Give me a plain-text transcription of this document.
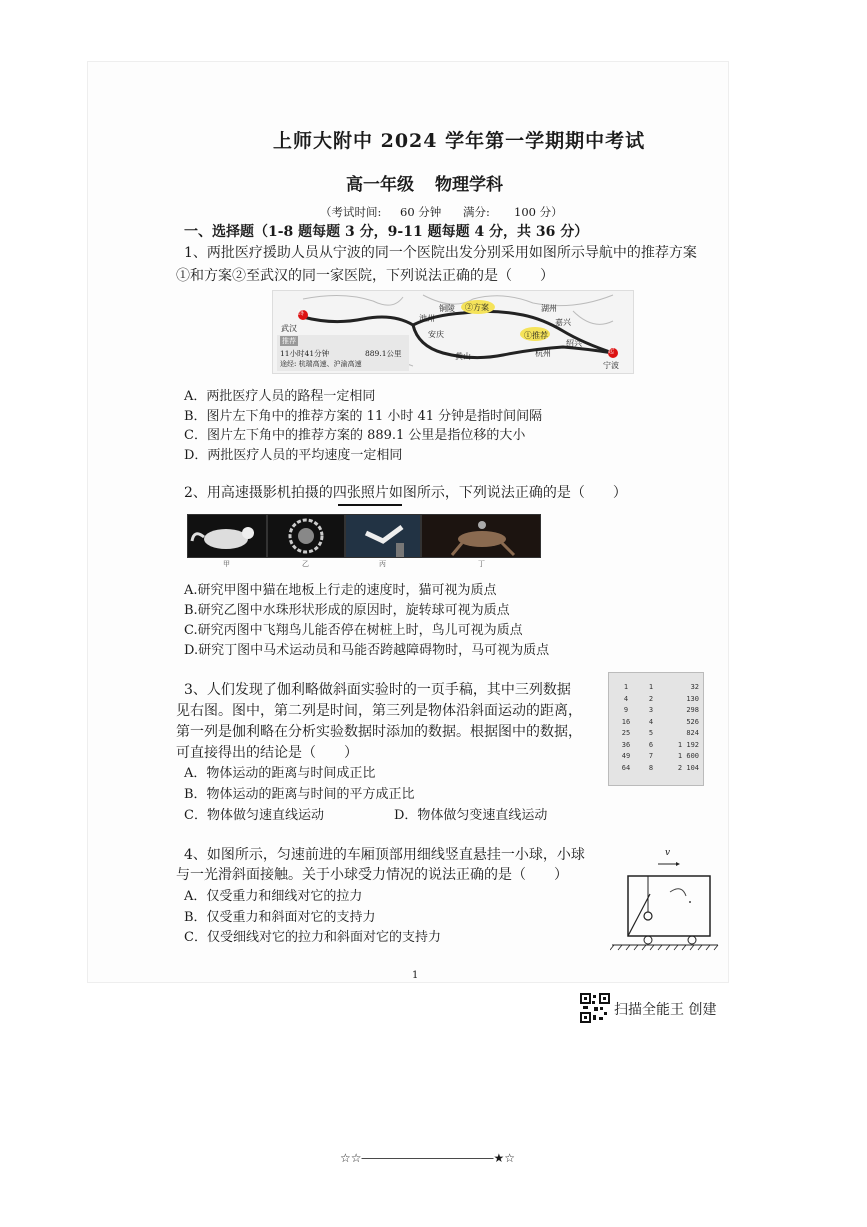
上师大附中 2024 学年第一学期期中考试
高一年级 物理学科
（考试时间: 60 分钟 满分: 100 分）
一、选择题（1-8 题每题 3 分，9-11 题每题 4 分，共 36 分）
1、两批医疗援助人员从宁波的同一个医院出发分别采用如图所示导航中的推荐方案
①和方案②至武汉的同一家医院，下列说法正确的是（　　）
终
起
武汉
池州
铜陵 ②方案	湖州
嘉兴
安庆	①推荐
黄山	杭州
绍兴
宁波
推荐
11小时41分钟	889.1公里
途经: 杭瑞高速、沪渝高速
A．两批医疗人员的路程一定相同
B．图片左下角中的推荐方案的 11 小时 41 分钟是指时间间隔
C．图片左下角中的推荐方案的 889.1 公里是指位移的大小
D．两批医疗人员的平均速度一定相同
2、用高速摄影机拍摄的四张照片如图所示，下列说法正确的是（　　）
甲	乙	丙	丁
A.研究甲图中猫在地板上行走的速度时，猫可视为质点
B.研究乙图中水珠形状形成的原因时，旋转球可视为质点
C.研究丙图中飞翔鸟儿能否停在树桩上时，鸟儿可视为质点
D.研究丁图中马术运动员和马能否跨越障碍物时，马可视为质点
3、人们发现了伽利略做斜面实验时的一页手稿，其中三列数据
见右图。图中，第二列是时间，第三列是物体沿斜面运动的距离，
第一列是伽利略在分析实验数据时添加的数据。根据图中的数据，
可直接得出的结论是（　　）
1	1	32
4	2	130
9	3	298
16	4	526
25	5	824
36	6	1 192
49	7	1 600
64	8	2 104
A．物体运动的距离与时间成正比
B．物体运动的距离与时间的平方成正比
C．物体做匀速直线运动	D．物体做匀变速直线运动
4、如图所示，匀速前进的车厢顶部用细线竖直悬挂一小球，小球
与一光滑斜面接触。关于小球受力情况的说法正确的是（　　）
v
A．仅受重力和细线对它的拉力
B．仅受重力和斜面对它的支持力
C．仅受细线对它的拉力和斜面对它的支持力
1
扫描全能王 创建
☆☆―――――――――――★☆
